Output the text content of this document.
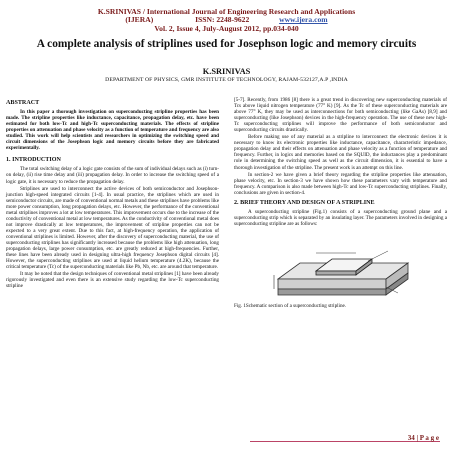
K.SRINIVAS / International Journal of Engineering Research and Applications
(IJERA)	ISSN: 2248-9622	www.ijera.com
Vol. 2, Issue 4, July-August 2012, pp.034-040
A complete analysis of striplines used for Josephson logic and memory circuits
K.SRINIVAS
DEPARTMENT OF PHYSICS, GMR INSTITUTE OF TECHNOLOGY, RAJAM-532127,A.P ,INDIA
ABSTRACT

In this paper a thorough investigation on superconducting stripline properties has been made. The stripline properties like inductance, capacitance, propagation delay, etc. have been estimated for both low-Tc and high-Tc superconducting materials. The effects of stripline properties on attenuation and phase velocity as a function of temperature and frequency are also studied. This work will help scientists and researchers in optimizing the switching speed and circuit dimensions of the Josephson logic and memory circuits before they are fabricated experimentally.

1. INTRODUCTION

The total switching delay of a logic gate consists of the sum of individual delays such as (i) turn-on delay, (ii) rise time delay and (iii) propagation delay. In order to increase the switching speed of a logic gate, it is necessary to reduce the propagation delay.

Striplines are used to interconnect the active devices of both semiconductor and Josephson-junction high-speed integrated circuits [1-4]. In usual practice, the striplines which are used in semiconductor circuits, are made of conventional normal metals and these striplines have problems like more power consumption, long propagation delays, etc. However, the performance of the conventional metal striplines improves a lot at low temperatures. This improvement occurs due to the increase of the conductivity of conventional metal at low temperatures. As the conductivity of conventional metal does not improve drastically at low temperatures, the improvement of stripline properties can not be expected to a very great extent. Due to this fact, at high-frequency operation, the application of conventional striplines is limited. However, after the discovery of superconducting material, the use of superconducting striplines has significantly increased because the problems like high attenuation, long propagation delays, large power consumption, etc. are greatly reduced at high-frequencies. Further, these lines have been already used in designing ultra-high frequency Josephson digital circuits [4]. However, the superconducting striplines are used at liquid helium temperature (4.2K), because the critical temperature (Tc) of the superconducting materials like Pb, Nb, etc. are around that temperature.

It may be noted that the design techniques of conventional metal striplines [1] have been already rigorously investigated and even there is an extensive study regarding the low-Tc superconducting stripline

[5-7]. Recently, from 1986 [8] there is a great trend in discovering new superconducting materials of Tcs above liquid nitrogen temperature (77° K) [9]. As the Tc of these superconducting materials are above 77° K, they may be used as interconnections for both semiconducting (like GaAs) [8,9] and superconducting (like Josephson) devices in the high-frequency operation. The use of these new high-Tc superconducting striplines will improve the performance of both semiconductor and superconducting circuits drastically.

Before making use of any material as a stripline to interconnect the electronic devices it is necessary to know its electronic properties like inductance, capacitance, characteristic impedance, propagation delay and their effects on attenuation and phase velocity as a function of temperature and frequency. Further, in logics and memories based on the SQUID, the inductances play a predominant role in determining the switching speed as well as the circuit dimension, it is essential to have a thorough investigation of the stripline. The present work is an attempt on this line.

In section-2 we have given a brief theory regarding the stripline properties like attenuation, phase velocity, etc. In section-3 we have shown how these parameters vary with temperature and frequency. A comparison is also made between high-Tc and low-Tc superconducting striplines. Finally, conclusions are given in section-4.

2. BRIEF THEORY AND DESIGN OF A STRIPLINE

A superconducting stripline (Fig.1) consists of a superconducting ground plane and a superconducting strip which is separated by an insulating layer. The parameters involved in designing a superconducting stripline are as follows:

Fig. 1Schematic section of a superconducting stripline.
34 | P a g e
